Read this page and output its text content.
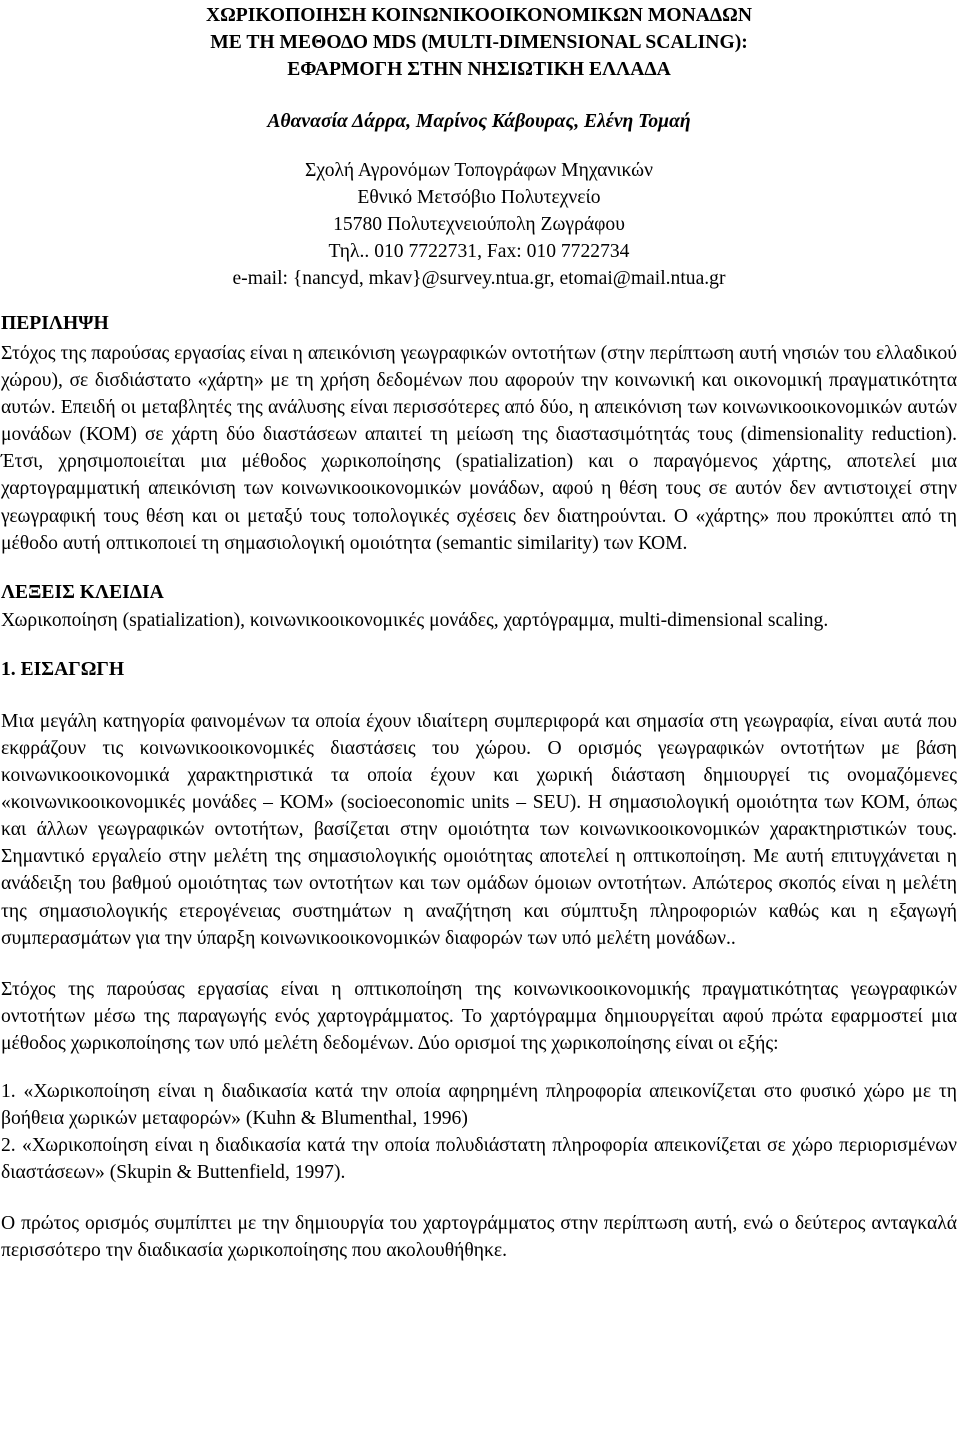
ΧΩΡΙΚΟΠΟΙΗΣΗ ΚΟΙΝΩΝΙΚΟΟΙΚΟΝΟΜΙΚΩΝ ΜΟΝΑΔΩΝ
ΜΕ ΤΗ ΜΕΘΟΔΟ MDS (MULTI-DIMENSIONAL SCALING):
ΕΦΑΡΜΟΓΗ ΣΤΗΝ ΝΗΣΙΩΤΙΚΗ ΕΛΛΑΔΑ

Αθανασία Δάρρα, Μαρίνος Κάβουρας, Ελένη Τομαή

Σχολή Αγρονόμων Τοπογράφων Μηχανικών
Εθνικό Μετσόβιο Πολυτεχνείο
15780 Πολυτεχνειούπολη Ζωγράφου
Τηλ.. 010 7722731, Fax: 010 7722734
e-mail: {nancyd, mkav}@survey.ntua.gr, etomai@mail.ntua.gr
ΠΕΡΙΛΗΨΗ

Στόχος της παρούσας εργασίας είναι η απεικόνιση γεωγραφικών οντοτήτων (στην περίπτωση αυτή νησιών του ελλαδικού χώρου), σε δισδιάστατο «χάρτη» με τη χρήση δεδομένων που αφορούν την κοινωνική και οικονομική πραγματικότητα αυτών. Επειδή οι μεταβλητές της ανάλυσης είναι περισσότερες από δύο, η απεικόνιση των κοινωνικοοικονομικών αυτών μονάδων (ΚΟΜ) σε χάρτη δύο διαστάσεων απαιτεί τη μείωση της διαστασιμότητάς τους (dimensionality reduction). Έτσι, χρησιμοποιείται μια μέθοδος χωρικοποίησης (spatialization) και ο παραγόμενος χάρτης, αποτελεί μια χαρτογραμματική απεικόνιση των κοινωνικοοικονομικών μονάδων, αφού η θέση τους σε αυτόν δεν αντιστοιχεί στην γεωγραφική τους θέση και οι μεταξύ τους τοπολογικές σχέσεις δεν διατηρούνται. Ο «χάρτης» που προκύπτει από τη μέθοδο αυτή οπτικοποιεί τη σημασιολογική ομοιότητα (semantic similarity) των ΚΟΜ.

ΛΕΞΕΙΣ ΚΛΕΙΔΙΑ

Χωρικοποίηση (spatialization), κοινωνικοοικονομικές μονάδες, χαρτόγραμμα, multi-dimensional scaling.

1. ΕΙΣΑΓΩΓΗ

Μια μεγάλη κατηγορία φαινομένων τα οποία έχουν ιδιαίτερη συμπεριφορά και σημασία στη γεωγραφία, είναι αυτά που εκφράζουν τις κοινωνικοοικονομικές διαστάσεις του χώρου. Ο ορισμός γεωγραφικών οντοτήτων με βάση κοινωνικοοικονομικά χαρακτηριστικά τα οποία έχουν και χωρική διάσταση δημιουργεί τις ονομαζόμενες «κοινωνικοοικονομικές μονάδες – ΚΟΜ» (socioeconomic units – SEU). Η σημασιολογική ομοιότητα των ΚΟΜ, όπως και άλλων γεωγραφικών οντοτήτων, βασίζεται στην ομοιότητα των κοινωνικοοικονομικών χαρακτηριστικών τους. Σημαντικό εργαλείο στην μελέτη της σημασιολογικής ομοιότητας αποτελεί η οπτικοποίηση. Με αυτή επιτυγχάνεται η ανάδειξη του βαθμού ομοιότητας των οντοτήτων και των ομάδων όμοιων οντοτήτων. Απώτερος σκοπός είναι η μελέτη της σημασιολογικής ετερογένειας συστημάτων η αναζήτηση και σύμπτυξη πληροφοριών καθώς και η εξαγωγή συμπερασμάτων για την ύπαρξη κοινωνικοοικονομικών διαφορών των υπό μελέτη μονάδων..

Στόχος της παρούσας εργασίας είναι η οπτικοποίηση της κοινωνικοοικονομικής πραγματικότητας γεωγραφικών οντοτήτων μέσω της παραγωγής ενός χαρτογράμματος. Το χαρτόγραμμα δημιουργείται αφού πρώτα εφαρμοστεί μια μέθοδος χωρικοποίησης των υπό μελέτη δεδομένων. Δύο ορισμοί της χωρικοποίησης είναι οι εξής:

1. «Χωρικοποίηση είναι η διαδικασία κατά την οποία αφηρημένη πληροφορία απεικονίζεται στο φυσικό χώρο με τη βοήθεια χωρικών μεταφορών» (Kuhn & Blumenthal, 1996)

2. «Χωρικοποίηση είναι η διαδικασία κατά την οποία πολυδιάστατη πληροφορία απεικονίζεται σε χώρο περιορισμένων διαστάσεων» (Skupin & Buttenfield, 1997).

Ο πρώτος ορισμός συμπίπτει με την δημιουργία του χαρτογράμματος στην περίπτωση αυτή, ενώ ο δεύτερος ανταγκαλά περισσότερο την διαδικασία χωρικοποίησης που ακολουθήθηκε.
